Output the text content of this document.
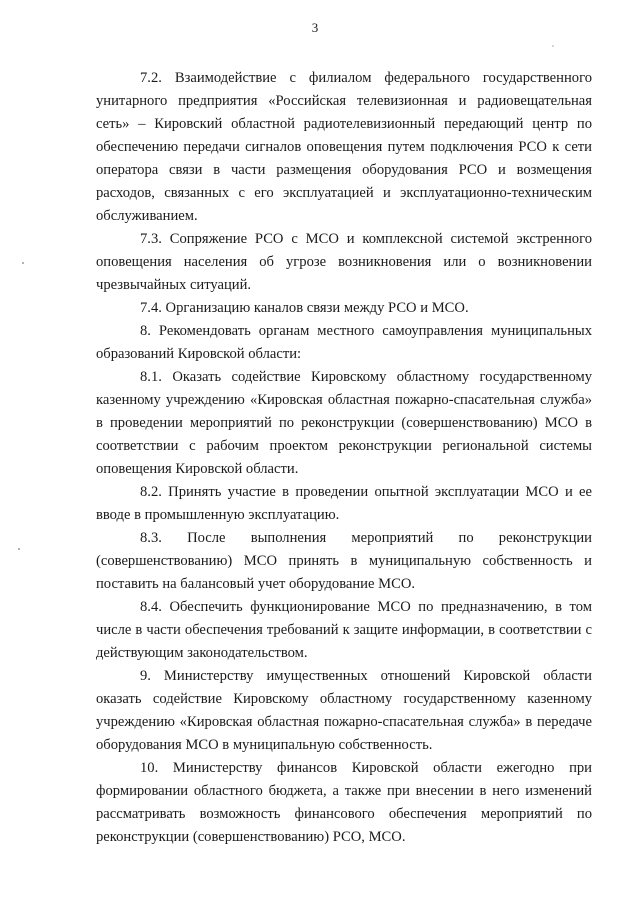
3

7.2. Взаимодействие с филиалом федерального государственного унитарного предприятия «Российская телевизионная и радиовещательная сеть» – Кировский областной радиотелевизионный передающий центр по обеспечению передачи сигналов оповещения путем подключения РСО к сети оператора связи в части размещения оборудования РСО и возмещения расходов, связанных с его эксплуатацией и эксплуатационно-техническим обслуживанием.

7.3. Сопряжение РСО с МСО и комплексной системой экстренного оповещения населения об угрозе возникновения или о возникновении чрезвычайных ситуаций.

7.4. Организацию каналов связи между РСО и МСО.

8. Рекомендовать органам местного самоуправления муниципальных образований Кировской области:

8.1. Оказать содействие Кировскому областному государственному казенному учреждению «Кировская областная пожарно-спасательная служба» в проведении мероприятий по реконструкции (совершенствованию) МСО в соответствии с рабочим проектом реконструкции региональной системы оповещения Кировской области.

8.2. Принять участие в проведении опытной эксплуатации МСО и ее вводе в промышленную эксплуатацию.

8.3. После выполнения мероприятий по реконструкции (совершенствованию) МСО принять в муниципальную собственность и поставить на балансовый учет оборудование МСО.

8.4. Обеспечить функционирование МСО по предназначению, в том числе в части обеспечения требований к защите информации, в соответствии с действующим законодательством.

9. Министерству имущественных отношений Кировской области оказать содействие Кировскому областному государственному казенному учреждению «Кировская областная пожарно-спасательная служба» в передаче оборудования МСО в муниципальную собственность.

10. Министерству финансов Кировской области ежегодно при формировании областного бюджета, а также при внесении в него изменений рассматривать возможность финансового обеспечения мероприятий по реконструкции (совершенствованию) РСО, МСО.
